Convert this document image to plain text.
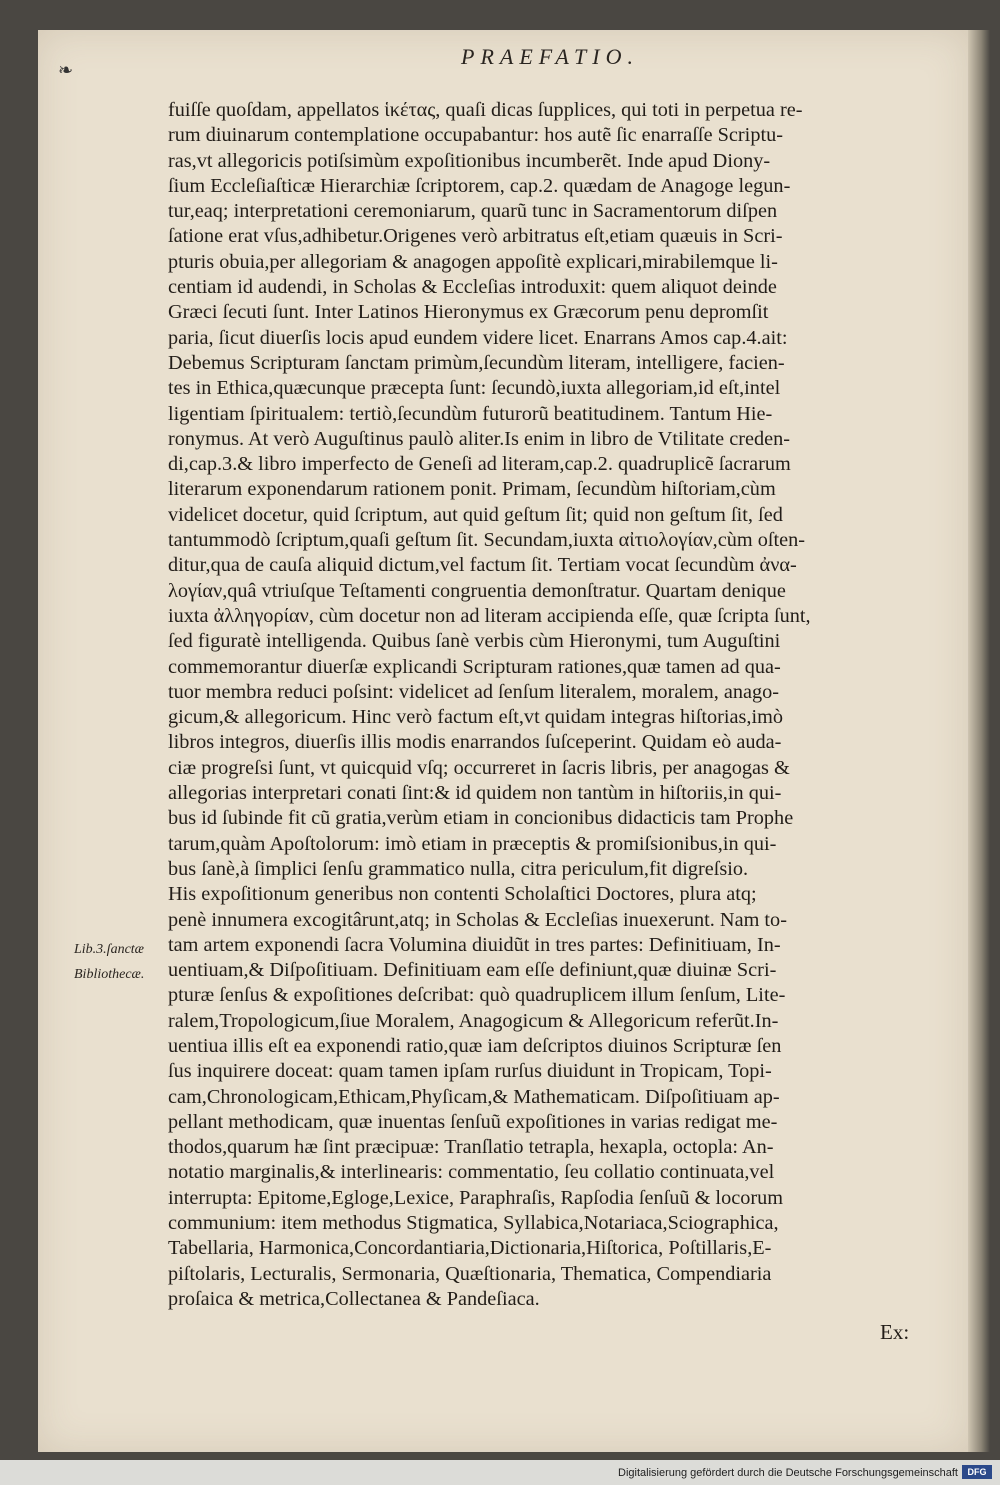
❧
PRAEFATIO.

fuiſſe quoſdam, appellatos ἱκέτας, quaſi dicas ſupplices, qui toti in perpetua re-
rum diuinarum contemplatione occupabantur: hos autẽ ſic enarraſſe Scriptu-
ras,vt allegoricis potiſsimùm expoſitionibus incumberẽt. Inde apud Diony-
ſium Eccleſiaſticæ Hierarchiæ ſcriptorem, cap.2. quædam de Anagoge legun-
tur,eaq; interpretationi ceremoniarum, quarũ tunc in Sacramentorum diſpen
ſatione erat vſus,adhibetur.Origenes verò arbitratus eſt,etiam quæuis in Scri-
pturis obuia,per allegoriam & anagogen appoſitè explicari,mirabilemque li-
centiam id audendi, in Scholas & Eccleſias introduxit: quem aliquot deinde
Græci ſecuti ſunt. Inter Latinos Hieronymus ex Græcorum penu depromſit
paria, ſicut diuerſis locis apud eundem videre licet. Enarrans Amos cap.4.ait:
Debemus Scripturam ſanctam primùm,ſecundùm literam, intelligere, facien-
tes in Ethica,quæcunque præcepta ſunt: ſecundò,iuxta allegoriam,id eſt,intel
ligentiam ſpiritualem: tertiò,ſecundùm futurorũ beatitudinem. Tantum Hie-
ronymus. At verò Auguſtinus paulò aliter.Is enim in libro de Vtilitate creden-
di,cap.3.& libro imperfecto de Geneſi ad literam,cap.2. quadruplicẽ ſacrarum
literarum exponendarum rationem ponit. Primam, ſecundùm hiſtoriam,cùm
videlicet docetur, quid ſcriptum, aut quid geſtum ſit; quid non geſtum ſit, ſed
tantummodò ſcriptum,quaſi geſtum ſit. Secundam,iuxta αἰτιολογίαν,cùm oſten-
ditur,qua de cauſa aliquid dictum,vel factum ſit. Tertiam vocat ſecundùm ἀνα-
λογίαν,quâ vtriuſque Teſtamenti congruentia demonſtratur. Quartam denique
iuxta ἀλληγορίαν, cùm docetur non ad literam accipienda eſſe, quæ ſcripta ſunt,
ſed figuratè intelligenda. Quibus ſanè verbis cùm Hieronymi, tum Auguſtini
commemorantur diuerſæ explicandi Scripturam rationes,quæ tamen ad qua-
tuor membra reduci poſsint: videlicet ad ſenſum literalem, moralem, anago-
gicum,& allegoricum. Hinc verò factum eſt,vt quidam integras hiſtorias,imò
libros integros, diuerſis illis modis enarrandos ſuſceperint. Quidam eò auda-
ciæ progreſsi ſunt, vt quicquid vſq; occurreret in ſacris libris, per anagogas &
allegorias interpretari conati ſint:& id quidem non tantùm in hiſtoriis,in qui-
bus id ſubinde fit cũ gratia,verùm etiam in concionibus didacticis tam Prophe
tarum,quàm Apoſtolorum: imò etiam in præceptis & promiſsionibus,in qui-
bus ſanè,à ſimplici ſenſu grammatico nulla, citra periculum,fit digreſsio.
His expoſitionum generibus non contenti Scholaſtici Doctores, plura atq;
penè innumera excogitârunt,atq; in Scholas & Eccleſias inuexerunt. Nam to-
tam artem exponendi ſacra Volumina diuidũt in tres partes: Definitiuam, In-
uentiuam,& Diſpoſitiuam. Definitiuam eam eſſe definiunt,quæ diuinæ Scri-
pturæ ſenſus & expoſitiones deſcribat: quò quadruplicem illum ſenſum, Lite-
ralem,Tropologicum,ſiue Moralem, Anagogicum & Allegoricum referũt.In-
uentiua illis eſt ea exponendi ratio,quæ iam deſcriptos diuinos Scripturæ ſen
ſus inquirere doceat: quam tamen ipſam rurſus diuidunt in Tropicam, Topi-
cam,Chronologicam,Ethicam,Phyſicam,& Mathematicam. Diſpoſitiuam ap-
pellant methodicam, quæ inuentas ſenſuũ expoſitiones in varias redigat me-
thodos,quarum hæ ſint præcipuæ: Tranſlatio tetrapla, hexapla, octopla: An-
notatio marginalis,& interlinearis: commentatio, ſeu collatio continuata,vel
interrupta: Epitome,Egloge,Lexice, Paraphraſis, Rapſodia ſenſuũ & locorum
communium: item methodus Stigmatica, Syllabica,Notariaca,Sciographica,
Tabellaria, Harmonica,Concordantiaria,Dictionaria,Hiſtorica, Poſtillaris,E-
piſtolaris, Lecturalis, Sermonaria, Quæſtionaria, Thematica, Compendiaria
proſaica & metrica,Collectanea & Pandeſiaca.

Lib.3.ſanctæ
Bibliothecæ.
Ex:
Digitalisierung gefördert durch die Deutsche Forschungsgemeinschaft	DFG
